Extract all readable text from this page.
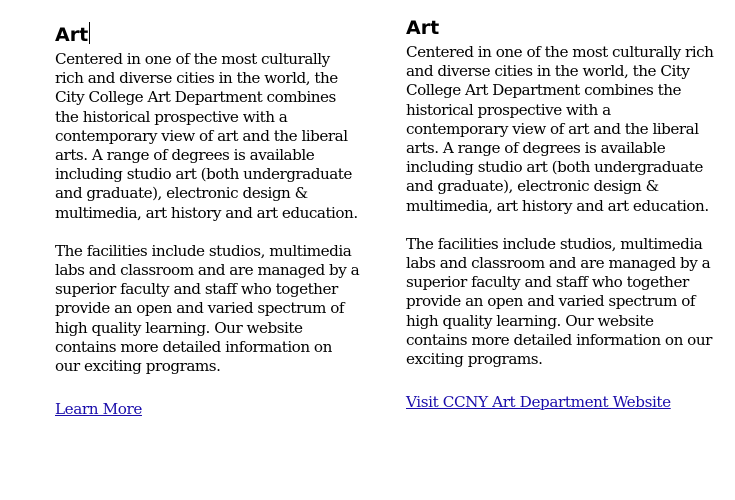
Art

Centered in one of the most culturally rich and diverse cities in the world, the City College Art Department combines the historical prospective with a contemporary view of art and the liberal arts. A range of degrees is available including studio art (both undergraduate and graduate), electronic design & multimedia, art history and art education.

The facilities include studios, multimedia labs and classroom and are managed by a superior faculty and staff who together provide an open and varied spectrum of high quality learning. Our website contains more detailed information on our exciting programs.

Learn More
Art

Centered in one of the most culturally rich and diverse cities in the world, the City College Art Department combines the historical prospective with a contemporary view of art and the liberal arts. A range of degrees is available including studio art (both undergraduate and graduate), electronic design & multimedia, art history and art education.

The facilities include studios, multimedia labs and classroom and are managed by a superior faculty and staff who together provide an open and varied spectrum of high quality learning. Our website contains more detailed information on our exciting programs.

Visit CCNY Art Department Website
